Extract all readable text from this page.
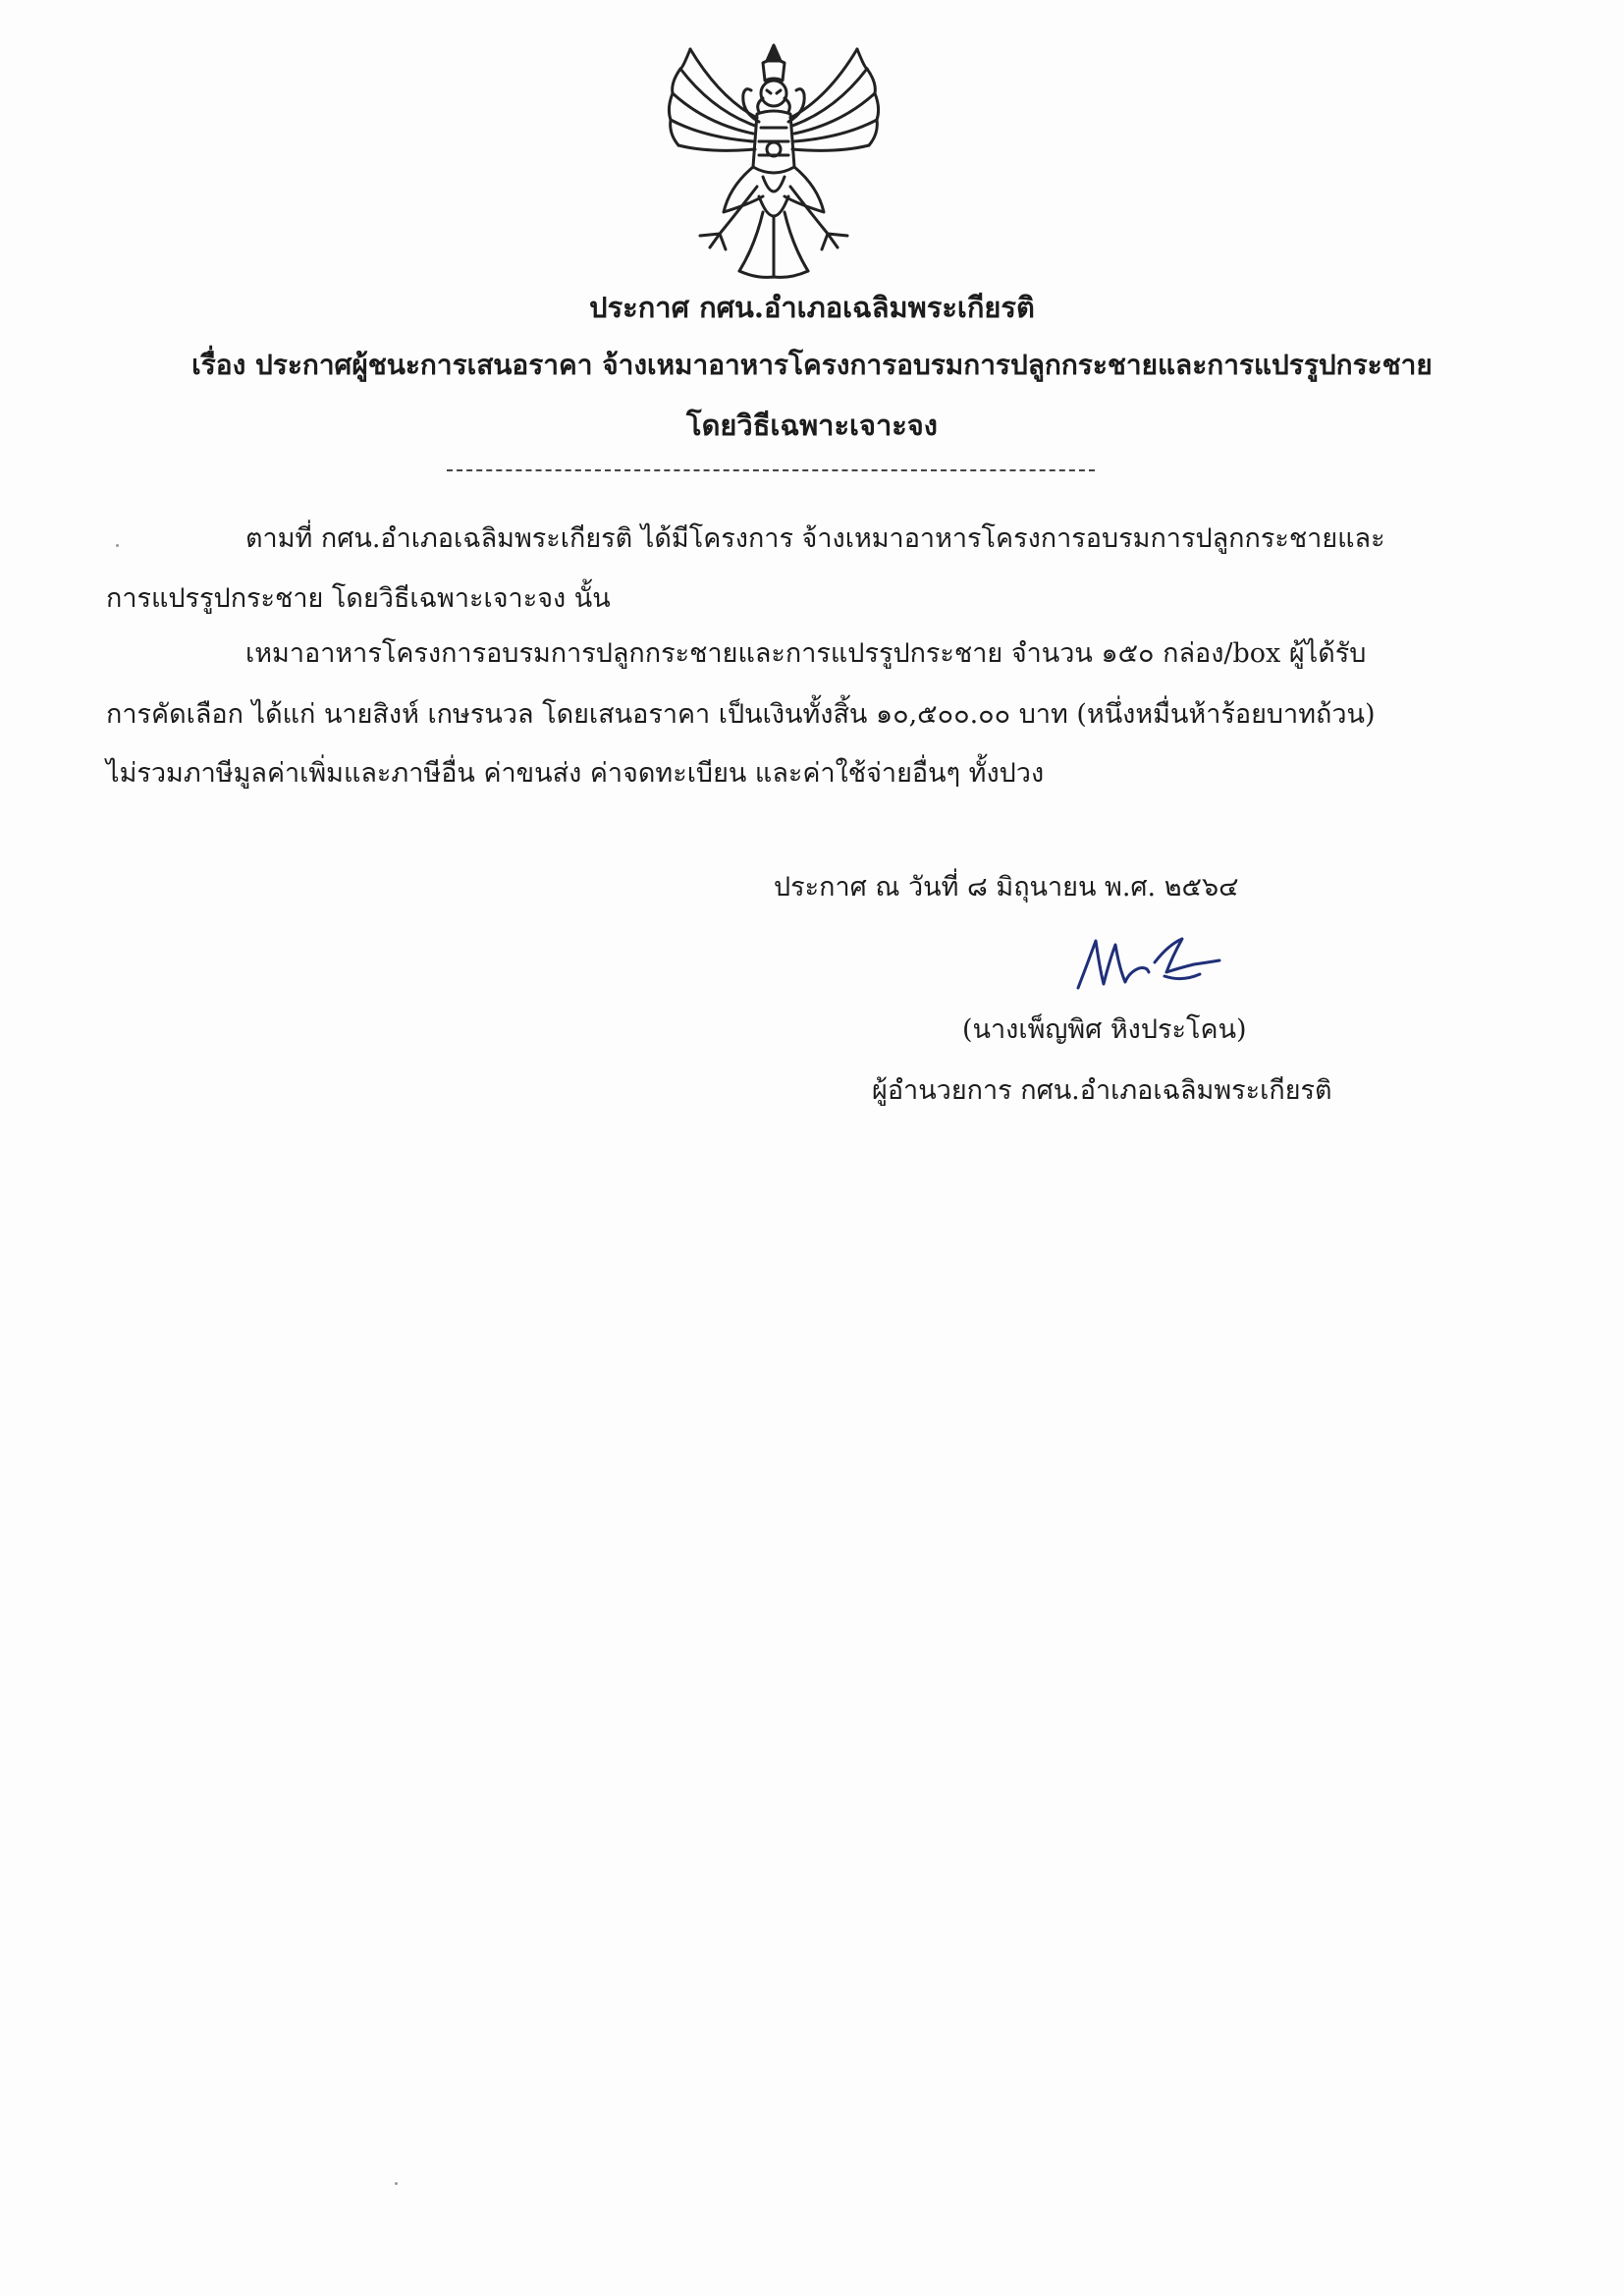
ประกาศ กศน.อำเภอเฉลิมพระเกียรติ
เรื่อง ประกาศผู้ชนะการเสนอราคา จ้างเหมาอาหารโครงการอบรมการปลูกกระชายและการแปรรูปกระชาย
โดยวิธีเฉพาะเจาะจง
ตามที่ กศน.อำเภอเฉลิมพระเกียรติ ได้มีโครงการ จ้างเหมาอาหารโครงการอบรมการปลูกกระชายและ
การแปรรูปกระชาย โดยวิธีเฉพาะเจาะจง นั้น
เหมาอาหารโครงการอบรมการปลูกกระชายและการแปรรูปกระชาย จำนวน ๑๕๐ กล่อง/box ผู้ได้รับ
การคัดเลือก ได้แก่ นายสิงห์ เกษรนวล โดยเสนอราคา เป็นเงินทั้งสิ้น ๑๐,๕๐๐.๐๐ บาท (หนึ่งหมื่นห้าร้อยบาทถ้วน)
ไม่รวมภาษีมูลค่าเพิ่มและภาษีอื่น ค่าขนส่ง ค่าจดทะเบียน และค่าใช้จ่ายอื่นๆ ทั้งปวง
ประกาศ ณ วันที่ ๘ มิถุนายน พ.ศ. ๒๕๖๔
(นางเพ็ญพิศ หิงประโคน)
ผู้อำนวยการ กศน.อำเภอเฉลิมพระเกียรติ
